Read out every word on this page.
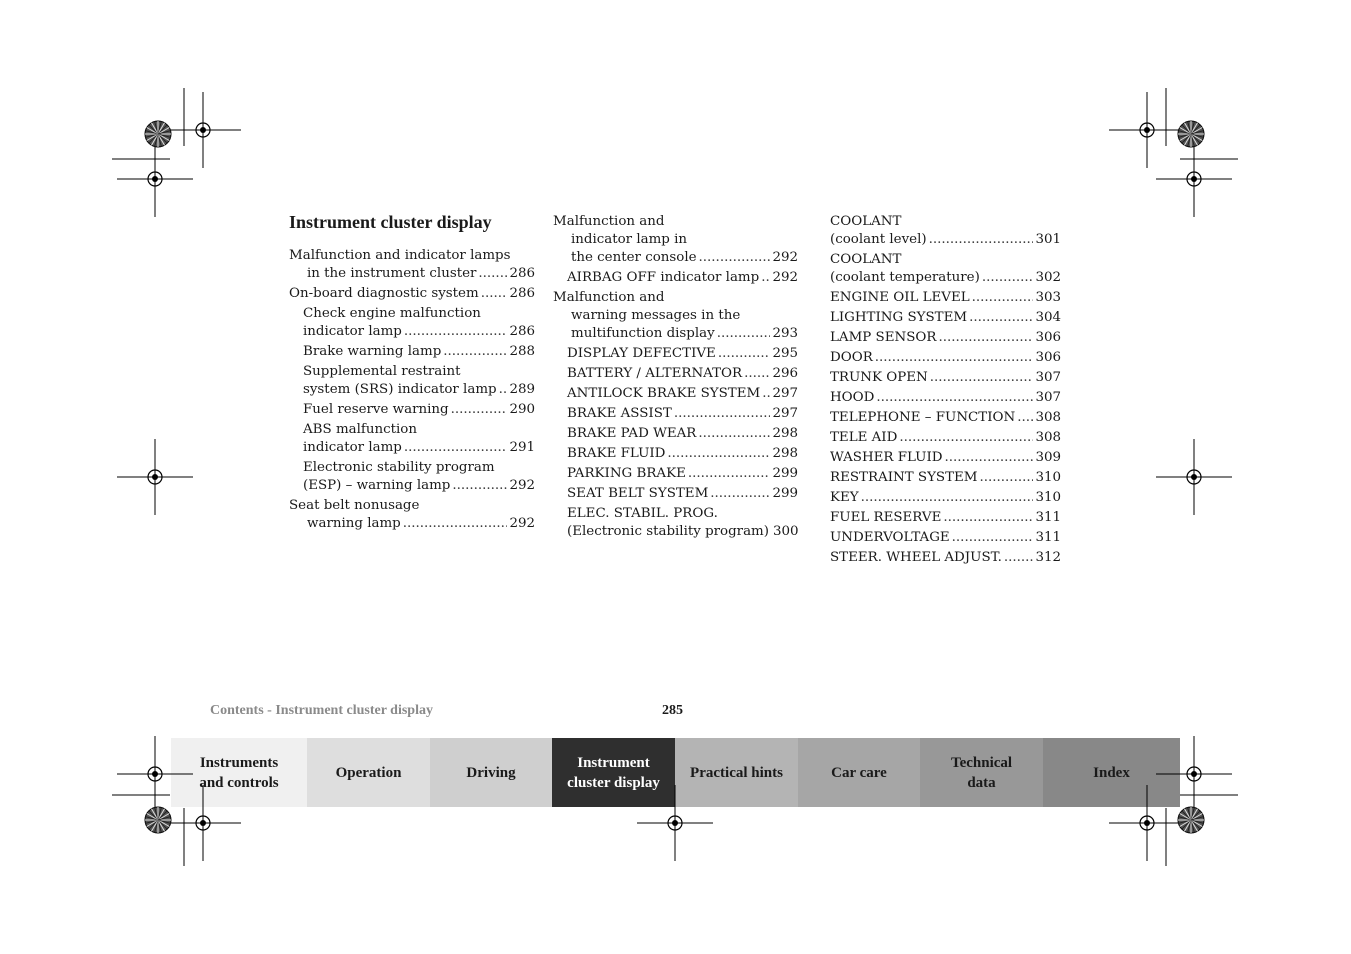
Instrument cluster display
Malfunction and indicator lamps
in the instrument cluster ..... 286
On-board diagnostic system ..... 286
Check engine malfunction
indicator lamp .....	286
Brake warning lamp .....	288
Supplemental restraint
system (SRS) indicator lamp ..... 289
Fuel reserve warning .....	290
ABS malfunction
indicator lamp .....	291
Electronic stability program
(ESP) – warning lamp .....	292
Seat belt nonusage
warning lamp .....	292
Malfunction and
indicator lamp in
the center console .....	292
AIRBAG OFF indicator lamp ..... 292
Malfunction and
warning messages in the
multifunction display .....	293
DISPLAY DEFECTIVE .....	295
BATTERY / ALTERNATOR ..... 296
ANTILOCK BRAKE SYSTEM ..... 297
BRAKE ASSIST .....	297
BRAKE PAD WEAR .....	298
BRAKE FLUID .....	298
PARKING BRAKE .....	299
SEAT BELT SYSTEM .....	299
ELEC. STABIL. PROG.
(Electronic stability program) 300
COOLANT
(coolant level) .....	301
COOLANT
(coolant temperature) .....	302
ENGINE OIL LEVEL .....	303
LIGHTING SYSTEM .....	304
LAMP SENSOR .....	306
DOOR .....	306
TRUNK OPEN .....	307
HOOD .....	307
TELEPHONE – FUNCTION ..... 308
TELE AID .....	308
WASHER FLUID .....	309
RESTRAINT SYSTEM .....	310
KEY .....	310
FUEL RESERVE .....	311
UNDERVOLTAGE .....	311
STEER. WHEEL ADJUST. .....	312
Contents - Instrument cluster display	285
Instruments
and controls
Operation	Driving
Instrument
cluster display
Practical hints	Car care
Technical
data
Index
